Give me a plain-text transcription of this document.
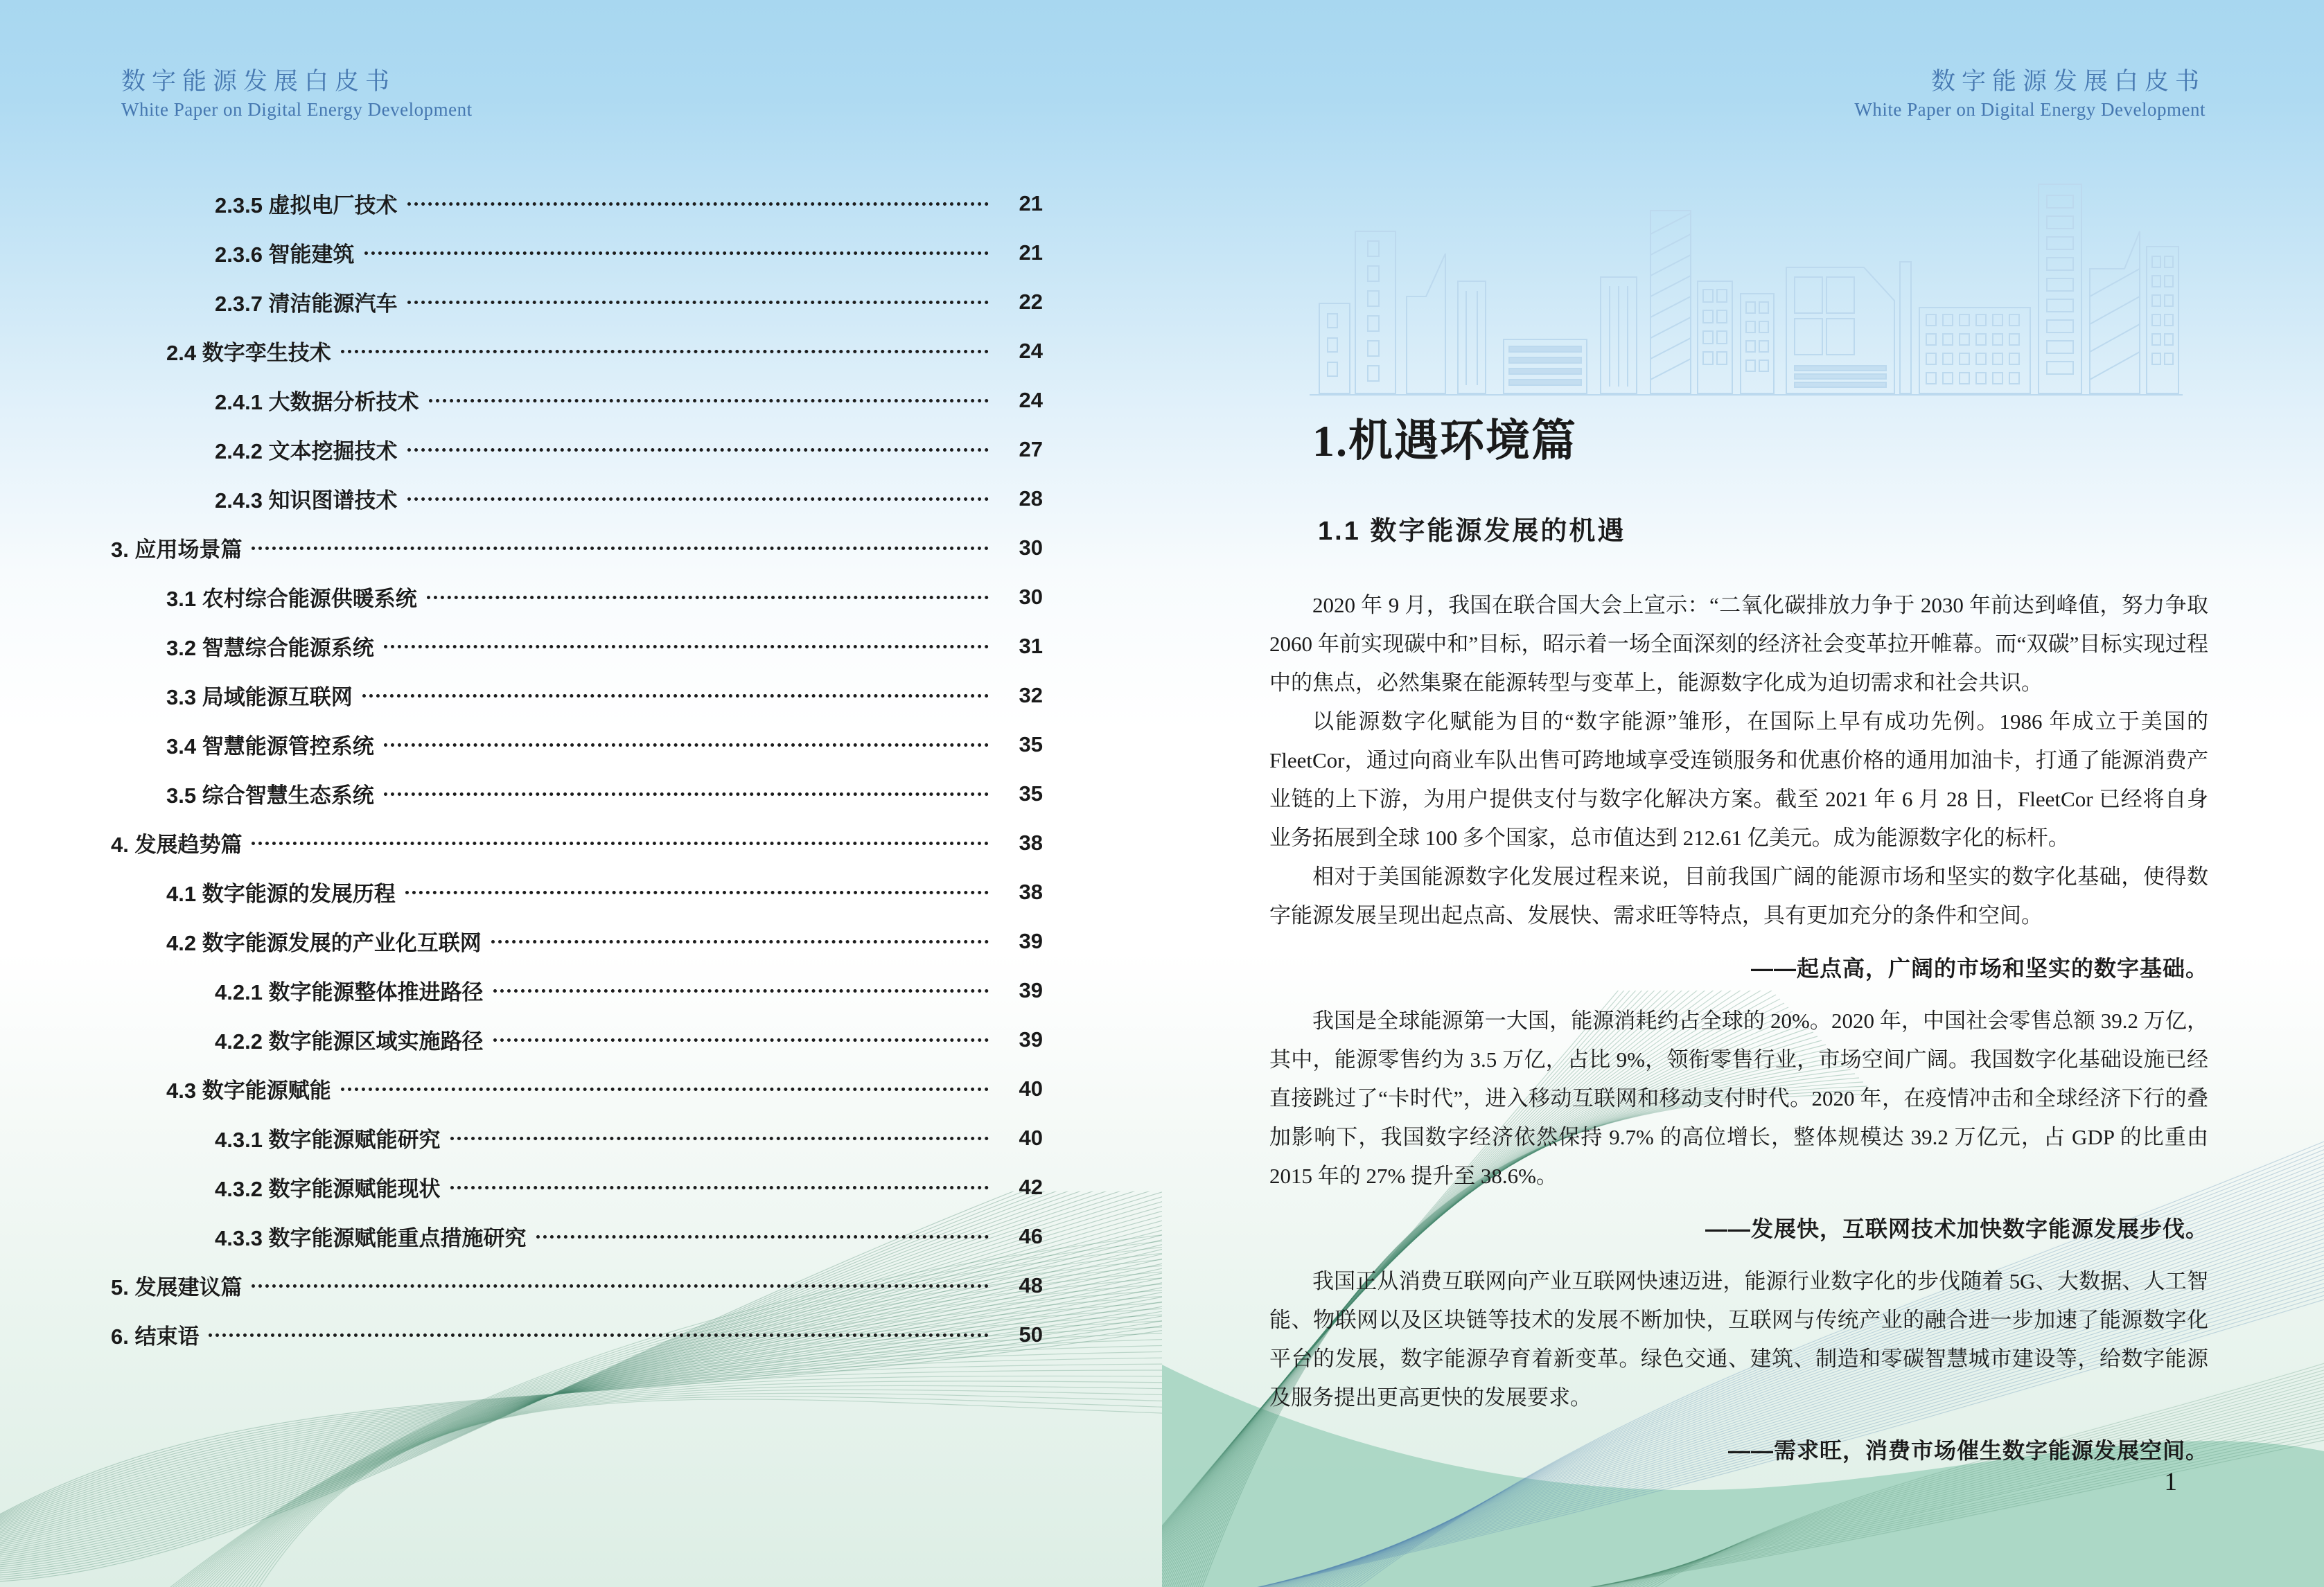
数字能源发展白皮书
White Paper on Digital Energy Development
2.3.5 虚拟电厂技术	21
2.3.6 智能建筑	21
2.3.7 清洁能源汽车	22
2.4 数字孪生技术	24
2.4.1 大数据分析技术	24
2.4.2 文本挖掘技术	27
2.4.3 知识图谱技术	28
3. 应用场景篇	30
3.1 农村综合能源供暖系统	30
3.2 智慧综合能源系统	31
3.3 局域能源互联网	32
3.4 智慧能源管控系统	35
3.5 综合智慧生态系统	35
4. 发展趋势篇	38
4.1 数字能源的发展历程	38
4.2 数字能源发展的产业化互联网	39
4.2.1 数字能源整体推进路径	39
4.2.2 数字能源区域实施路径	39
4.3 数字能源赋能	40
4.3.1 数字能源赋能研究	40
4.3.2 数字能源赋能现状	42
4.3.3 数字能源赋能重点措施研究	46
5. 发展建议篇	48
6. 结束语	50
数字能源发展白皮书
White Paper on Digital Energy Development
1.机遇环境篇
1.1 数字能源发展的机遇
2020 年 9 月，我国在联合国大会上宣示：“二氧化碳排放力争于 2030 年前达到峰值，努力争取 2060 年前实现碳中和”目标，昭示着一场全面深刻的经济社会变革拉开帷幕。而“双碳”目标实现过程中的焦点，必然集聚在能源转型与变革上，能源数字化成为迫切需求和社会共识。
以能源数字化赋能为目的“数字能源”雏形，在国际上早有成功先例。1986 年成立于美国的 FleetCor，通过向商业车队出售可跨地域享受连锁服务和优惠价格的通用加油卡，打通了能源消费产业链的上下游，为用户提供支付与数字化解决方案。截至 2021 年 6 月 28 日，FleetCor 已经将自身业务拓展到全球 100 多个国家，总市值达到 212.61 亿美元。成为能源数字化的标杆。
相对于美国能源数字化发展过程来说，目前我国广阔的能源市场和坚实的数字化基础，使得数字能源发展呈现出起点高、发展快、需求旺等特点，具有更加充分的条件和空间。
——起点高，广阔的市场和坚实的数字基础。
我国是全球能源第一大国，能源消耗约占全球的 20%。2020 年，中国社会零售总额 39.2 万亿，其中，能源零售约为 3.5 万亿，占比 9%，领衔零售行业，市场空间广阔。我国数字化基础设施已经直接跳过了“卡时代”，进入移动互联网和移动支付时代。2020 年，在疫情冲击和全球经济下行的叠加影响下，我国数字经济依然保持 9.7% 的高位增长，整体规模达 39.2 万亿元，占 GDP 的比重由 2015 年的 27% 提升至 38.6%。
——发展快，互联网技术加快数字能源发展步伐。
我国正从消费互联网向产业互联网快速迈进，能源行业数字化的步伐随着 5G、大数据、人工智能、物联网以及区块链等技术的发展不断加快，互联网与传统产业的融合进一步加速了能源数字化平台的发展，数字能源孕育着新变革。绿色交通、建筑、制造和零碳智慧城市建设等，给数字能源及服务提出更高更快的发展要求。
——需求旺，消费市场催生数字能源发展空间。
1
